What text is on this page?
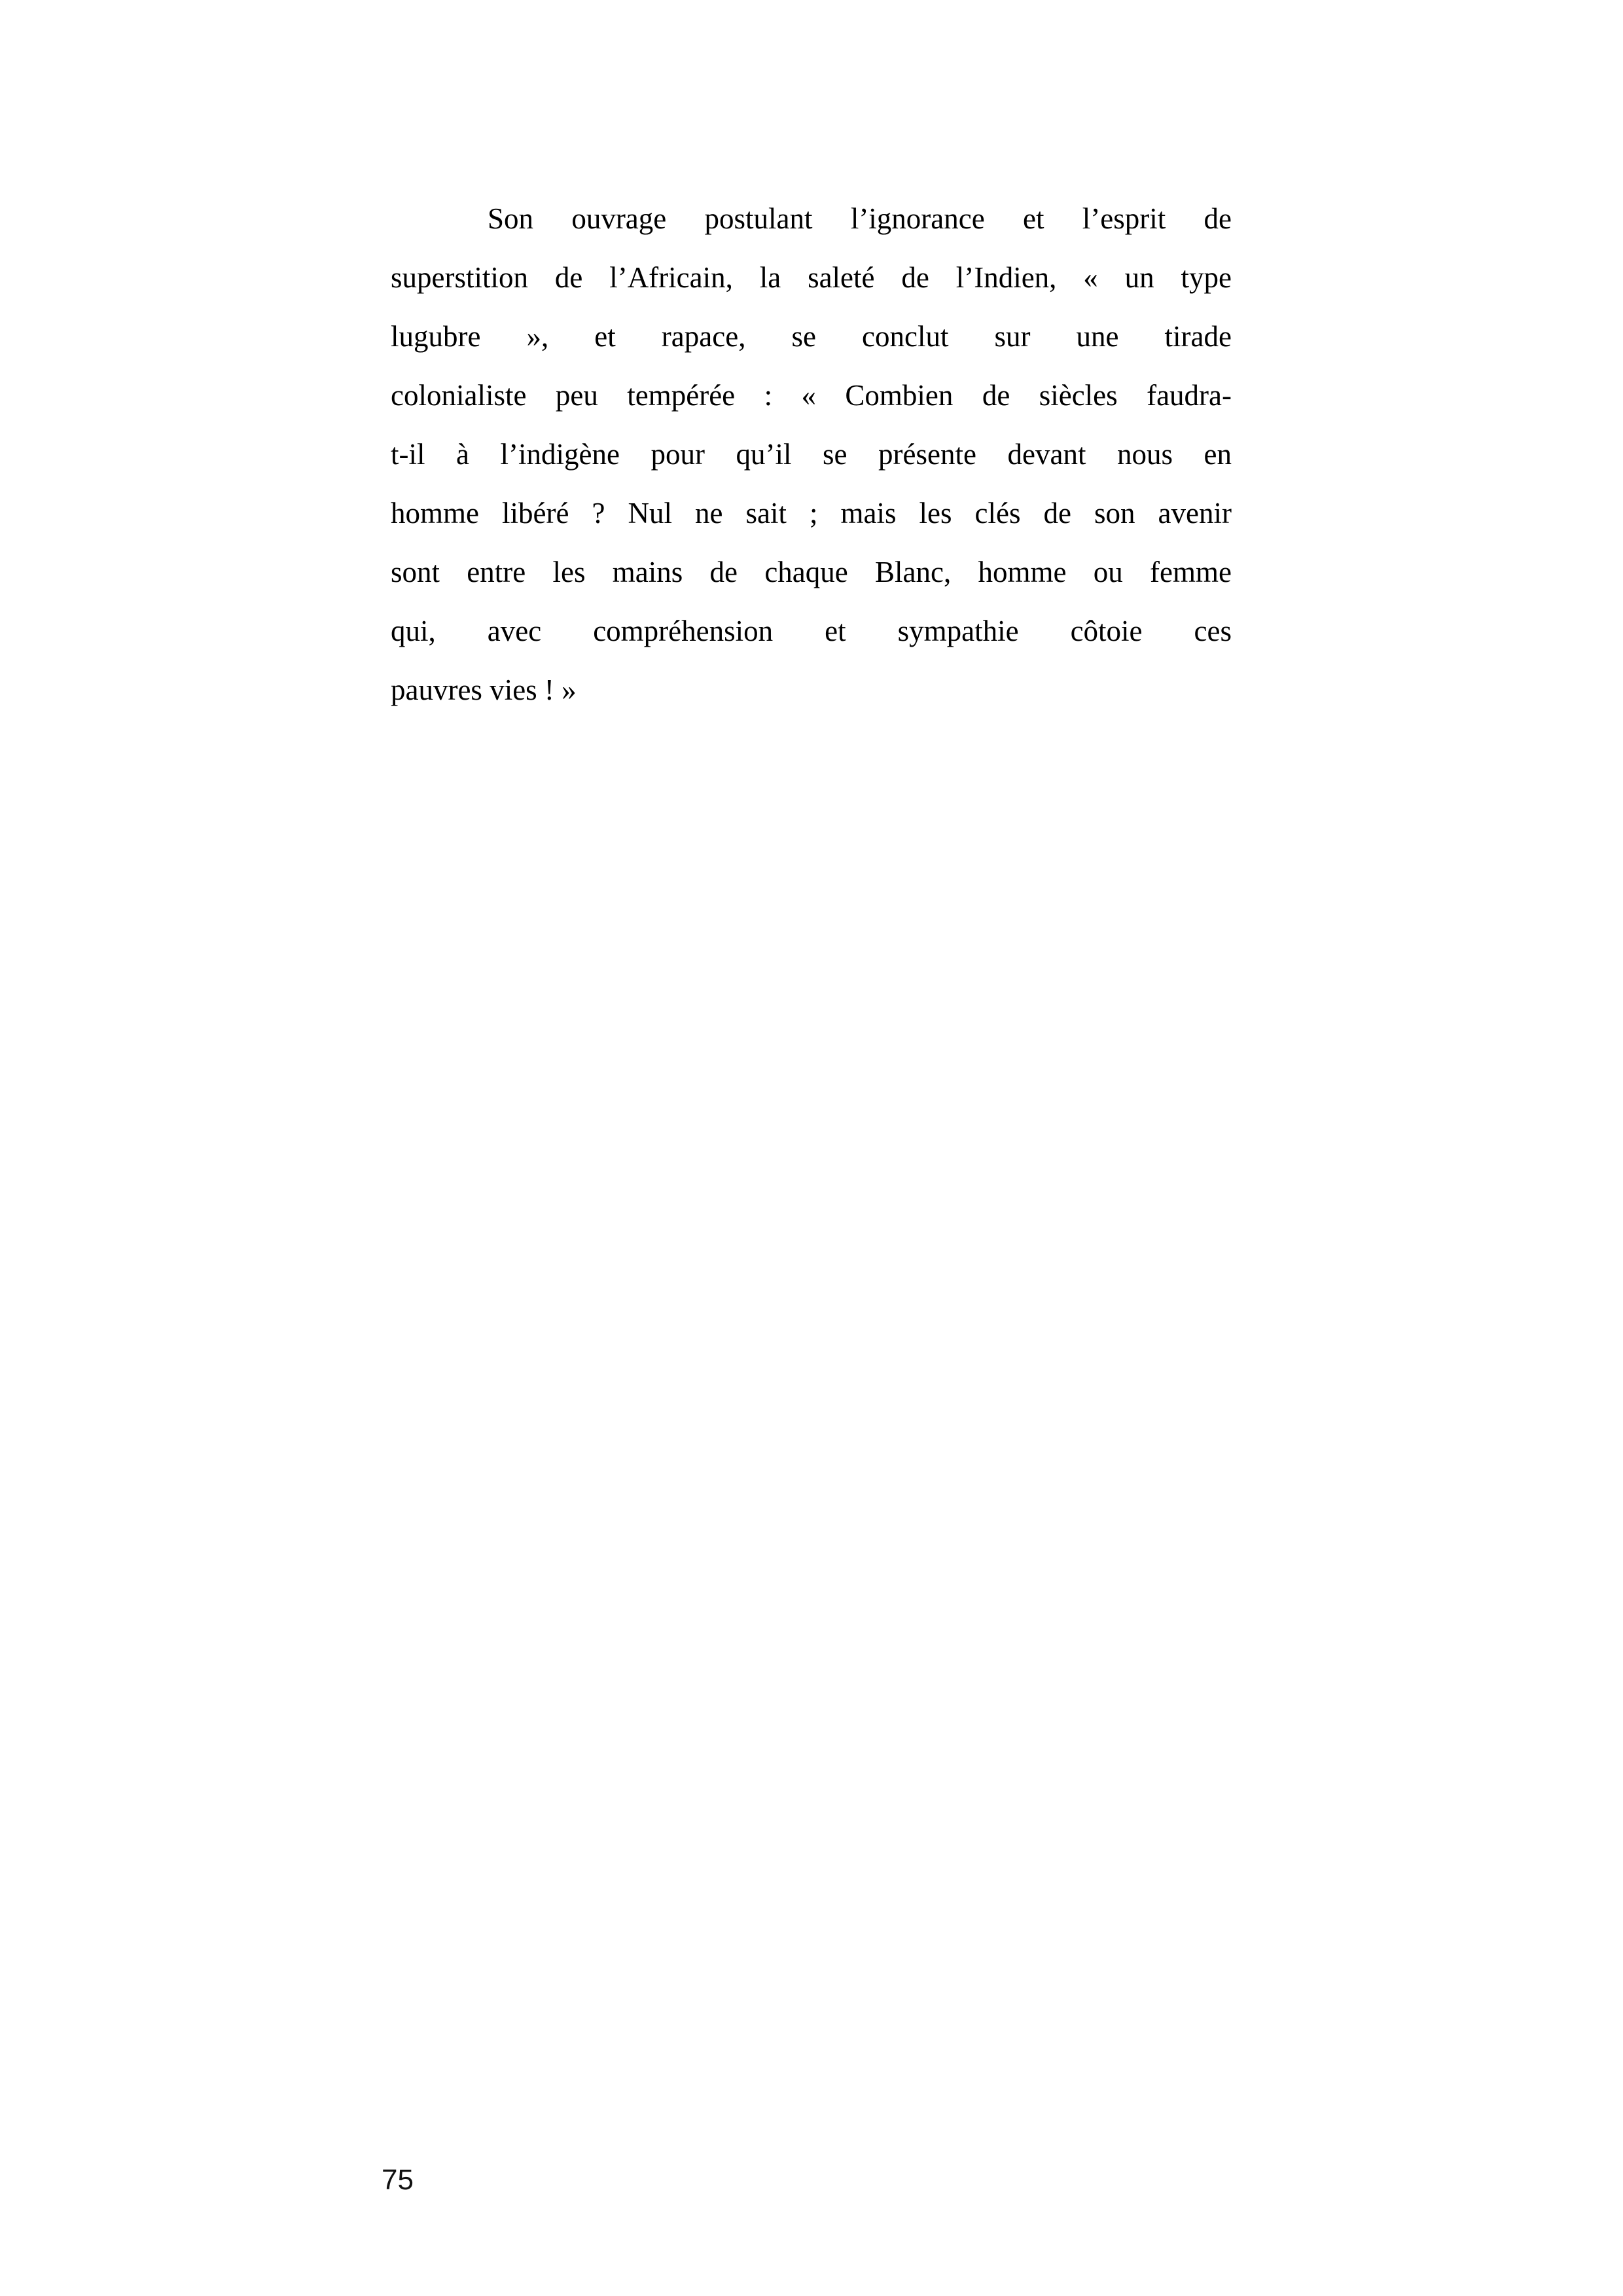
Son ouvrage postulant l’ignorance et l’esprit de
superstition de l’Africain, la saleté de l’Indien, « un type
lugubre », et rapace, se conclut sur une tirade
colonialiste peu tempérée : « Combien de siècles faudra-
t-il à l’indigène pour qu’il se présente devant nous en
homme libéré ? Nul ne sait ; mais les clés de son avenir
sont entre les mains de chaque Blanc, homme ou femme
qui, avec compréhension et sympathie côtoie ces
pauvres vies ! »
75
